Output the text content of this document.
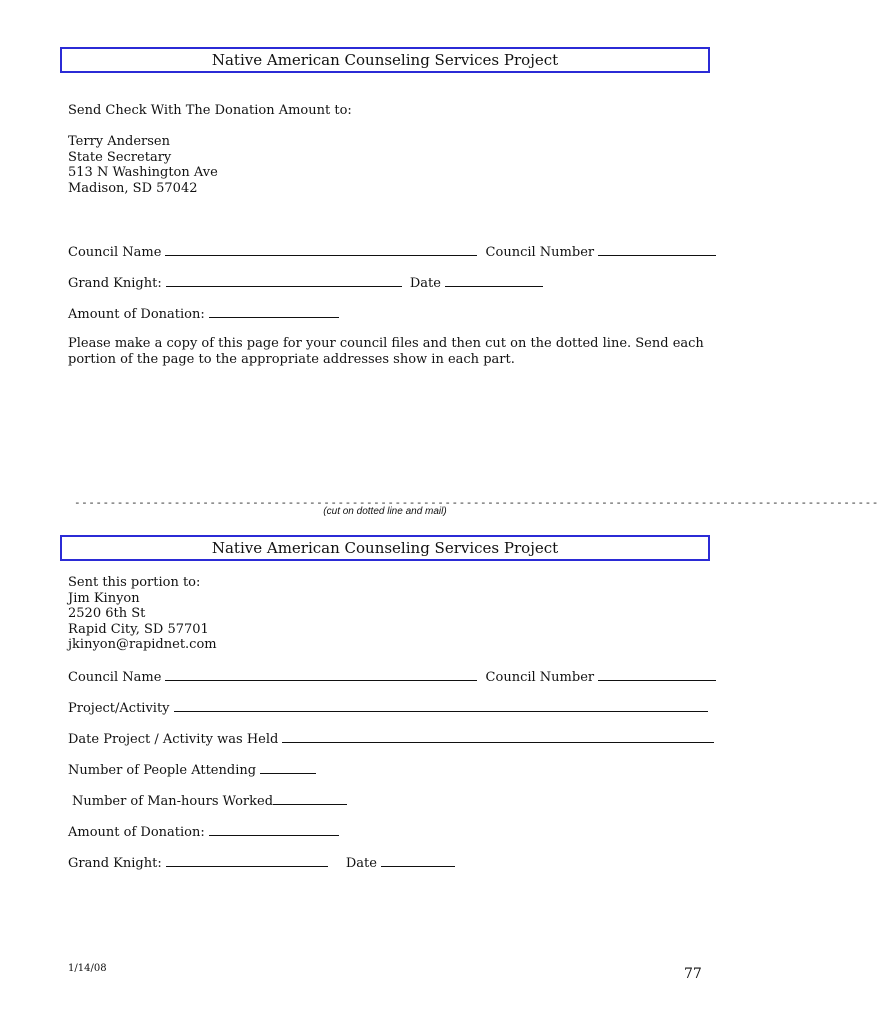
Native American Counseling Services Project
Send Check With The Donation Amount to:
Terry Andersen
State Secretary
513 N Washington Ave
Madison, SD 57042
Council Name	Council Number
Grand Knight:	Date
Amount of Donation:
Please make a copy of this page for your council files and then cut on the dotted line. Send each
portion of the page to the appropriate addresses show in each part.
-----------------------------------------------------------------------------------------------------------------
(cut on dotted line and mail)
Native American Counseling Services Project
Sent this portion to:
Jim Kinyon
2520 6th St
Rapid City, SD 57701
jkinyon@rapidnet.com
Council Name	Council Number
Project/Activity
Date Project / Activity was Held
Number of People Attending
Number of Man-hours Worked
Amount of Donation:
Grand Knight:	Date
1/14/08	77
